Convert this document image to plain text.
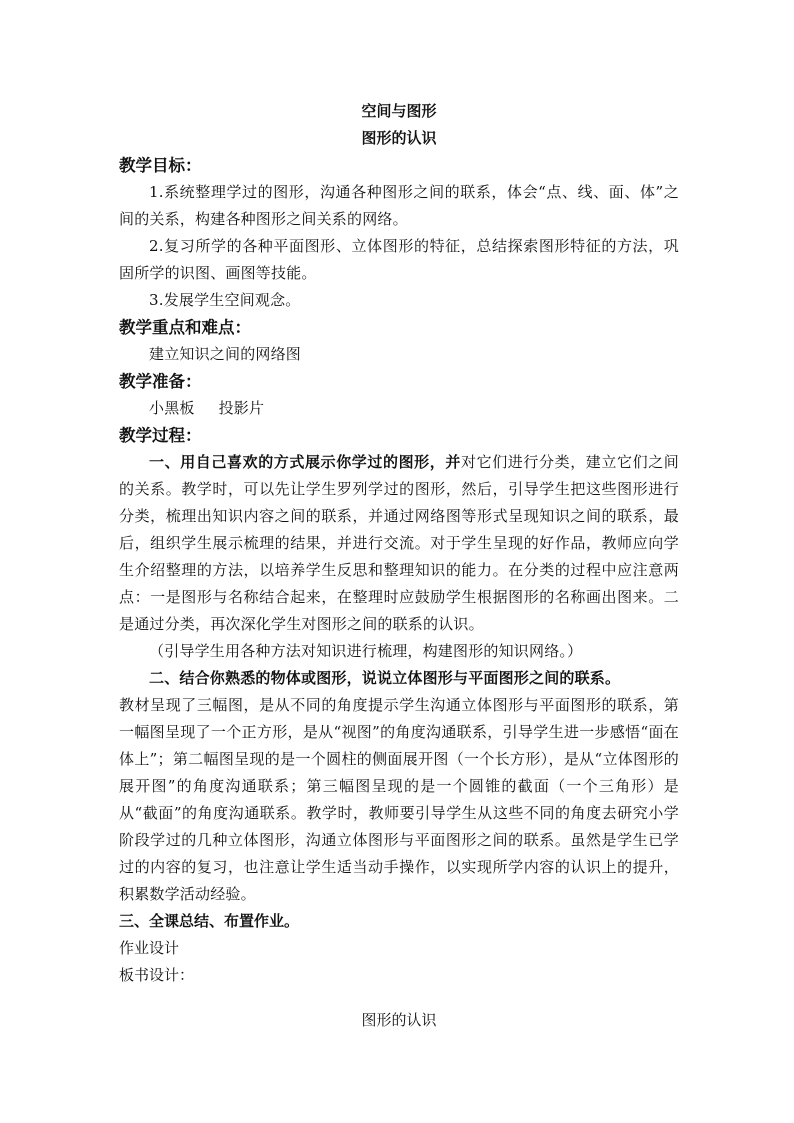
空间与图形

图形的认识

教学目标：

1.系统整理学过的图形，沟通各种图形之间的联系，体会“点、线、面、体”之间的关系，构建各种图形之间关系的网络。

2.复习所学的各种平面图形、立体图形的特征，总结探索图形特征的方法，巩固所学的识图、画图等技能。

3.发展学生空间观念。

教学重点和难点：

建立知识之间的网络图

教学准备：

小黑板 投影片

教学过程：

一、用自己喜欢的方式展示你学过的图形，并对它们进行分类，建立它们之间的关系。教学时，可以先让学生罗列学过的图形，然后，引导学生把这些图形进行分类，梳理出知识内容之间的联系，并通过网络图等形式呈现知识之间的联系，最后，组织学生展示梳理的结果，并进行交流。对于学生呈现的好作品，教师应向学生介绍整理的方法，以培养学生反思和整理知识的能力。在分类的过程中应注意两点：一是图形与名称结合起来，在整理时应鼓励学生根据图形的名称画出图来。二是通过分类，再次深化学生对图形之间的联系的认识。

（引导学生用各种方法对知识进行梳理，构建图形的知识网络。）

二、结合你熟悉的物体或图形，说说立体图形与平面图形之间的联系。

教材呈现了三幅图，是从不同的角度提示学生沟通立体图形与平面图形的联系，第一幅图呈现了一个正方形，是从“视图”的角度沟通联系，引导学生进一步感悟“面在体上”；第二幅图呈现的是一个圆柱的侧面展开图（一个长方形），是从“立体图形的展开图”的角度沟通联系；第三幅图呈现的是一个圆锥的截面（一个三角形）是从“截面”的角度沟通联系。教学时，教师要引导学生从这些不同的角度去研究小学阶段学过的几种立体图形，沟通立体图形与平面图形之间的联系。虽然是学生已学过的内容的复习，也注意让学生适当动手操作，以实现所学内容的认识上的提升，积累数学活动经验。

三、全课总结、布置作业。

作业设计

板书设计：

图形的认识
